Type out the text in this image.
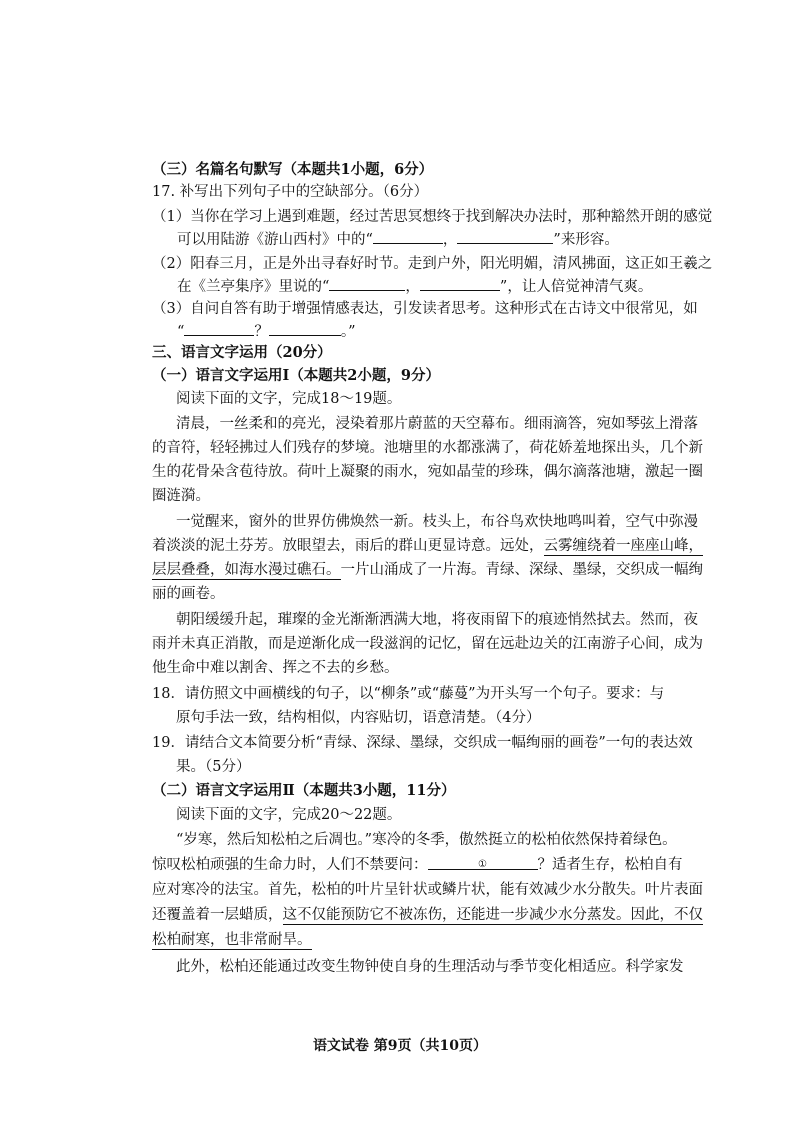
（三）名篇名句默写（本题共1小题，6分）
17. 补写出下列句子中的空缺部分。（6分）
（1）当你在学习上遇到难题，经过苦思冥想终于找到解决办法时，那种豁然开朗的感觉
可以用陆游《游山西村》中的“	，	”来形容。
（2）阳春三月，正是外出寻春好时节。走到户外，阳光明媚，清风拂面，这正如王羲之
在《兰亭集序》里说的“	，	”，让人倍觉神清气爽。
（3）自问自答有助于增强情感表达，引发读者思考。这种形式在古诗文中很常见，如
“	？	。”
三、语言文字运用（20分）
（一）语言文字运用Ⅰ（本题共2小题，9分）
阅读下面的文字，完成18～19题。
清晨，一丝柔和的亮光，浸染着那片蔚蓝的天空幕布。细雨滴答，宛如琴弦上滑落
的音符，轻轻拂过人们残存的梦境。池塘里的水都涨满了，荷花娇羞地探出头，几个新
生的花骨朵含苞待放。荷叶上凝聚的雨水，宛如晶莹的珍珠，偶尔滴落池塘，激起一圈
圈涟漪。
一觉醒来，窗外的世界仿佛焕然一新。枝头上，布谷鸟欢快地鸣叫着，空气中弥漫
着淡淡的泥土芬芳。放眼望去，雨后的群山更显诗意。远处，云雾缠绕着一座座山峰，
层层叠叠，如海水漫过礁石。一片山涌成了一片海。青绿、深绿、墨绿，交织成一幅绚
丽的画卷。
朝阳缓缓升起，璀璨的金光渐渐洒满大地，将夜雨留下的痕迹悄然拭去。然而，夜
雨并未真正消散，而是逆渐化成一段滋润的记忆，留在远赴边关的江南游子心间，成为
他生命中难以割舍、挥之不去的乡愁。
18．请仿照文中画横线的句子，以“柳条”或“藤蔓”为开头写一个句子。要求：与
原句手法一致，结构相似，内容贴切，语意清楚。（4分）
19．请结合文本简要分析“青绿、深绿、墨绿，交织成一幅绚丽的画卷”一句的表达效
果。（5分）
（二）语言文字运用Ⅱ（本题共3小题，11分）
阅读下面的文字，完成20～22题。
“岁寒，然后知松柏之后凋也。”寒冷的冬季，傲然挺立的松柏依然保持着绿色。
惊叹松柏顽强的生命力时，人们不禁要问：	①	？适者生存，松柏自有
应对寒冷的法宝。首先，松柏的叶片呈针状或鳞片状，能有效减少水分散失。叶片表面
还覆盖着一层蜡质，这不仅能预防它不被冻伤，还能进一步减少水分蒸发。因此，不仅
松柏耐寒，也非常耐旱。
此外，松柏还能通过改变生物钟使自身的生理活动与季节变化相适应。科学家发
语文试卷 第9页（共10页）
